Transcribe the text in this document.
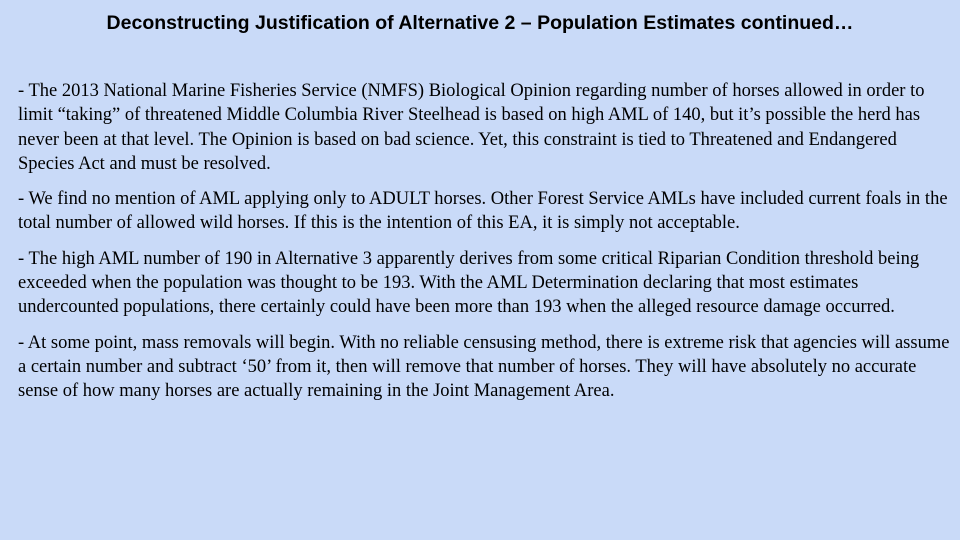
Deconstructing Justification of Alternative 2 – Population Estimates continued…

- The 2013 National Marine Fisheries Service (NMFS) Biological Opinion regarding number of horses allowed in order to limit “taking” of threatened Middle Columbia River Steelhead is based on high AML of 140, but it’s possible the herd has never been at that level. The Opinion is based on bad science. Yet, this constraint is tied to Threatened and Endangered Species Act and must be resolved.

- We find no mention of AML applying only to ADULT horses. Other Forest Service AMLs have included current foals in the total number of allowed wild horses. If this is the intention of this EA, it is simply not acceptable.

- The high AML number of 190 in Alternative 3 apparently derives from some critical Riparian Condition threshold being exceeded when the population was thought to be 193. With the AML Determination declaring that most estimates undercounted populations, there certainly could have been more than 193 when the alleged resource damage occurred.

- At some point, mass removals will begin. With no reliable censusing method, there is extreme risk that agencies will assume a certain number and subtract ‘50’ from it, then will remove that number of horses. They will have absolutely no accurate sense of how many horses are actually remaining in the Joint Management Area.
